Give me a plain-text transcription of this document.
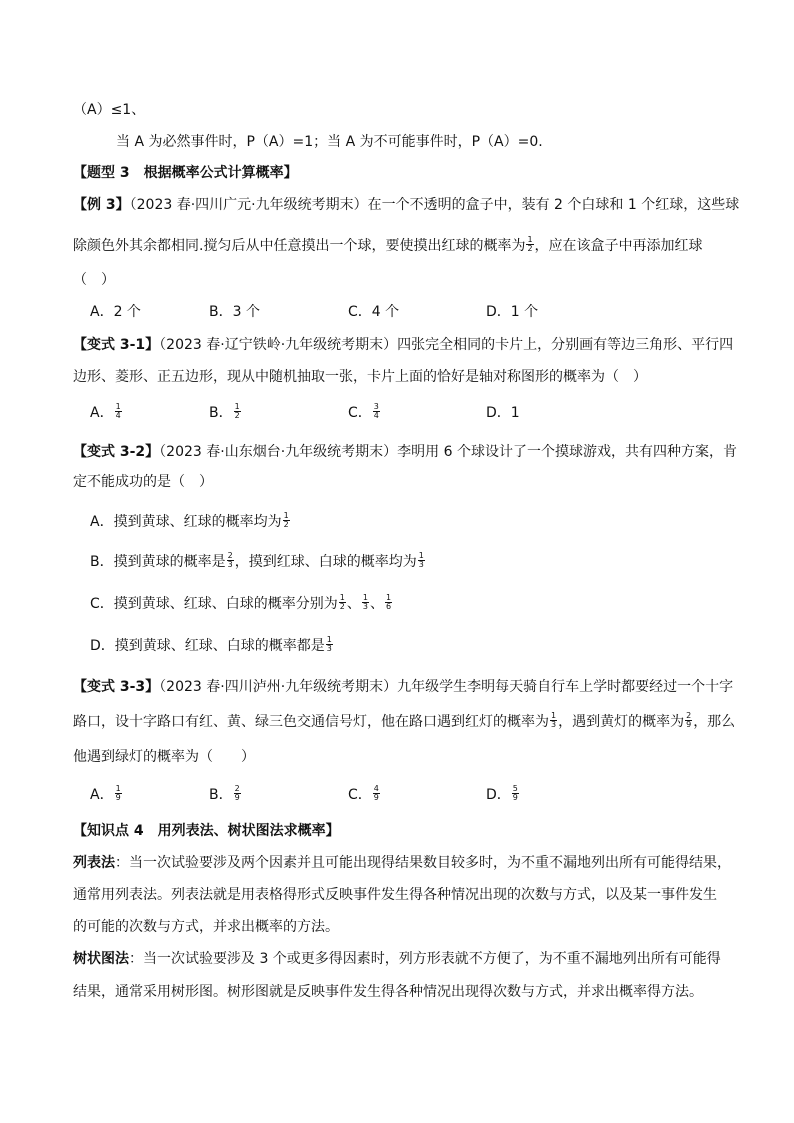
（A）≤1、
当 A 为必然事件时，P（A）=1；当 A 为不可能事件时，P（A）=0.
【题型 3　根据概率公式计算概率】
【例 3】（2023 春·四川广元·九年级统考期末）在一个不透明的盒子中，装有 2 个白球和 1 个红球，这些球
除颜色外其余都相同.搅匀后从中任意摸出一个球，要使摸出红球的概率为 $\frac{1}{2}$ ，应在该盒子中再添加红球
（　）
A．2 个	B．3 个	C．4 个	D．1 个
【变式 3-1】（2023 春·辽宁铁岭·九年级统考期末）四张完全相同的卡片上，分别画有等边三角形、平行四
边形、菱形、正五边形，现从中随机抽取一张，卡片上面的恰好是轴对称图形的概率为（　）
A． $\frac{1}{4}$	B． $\frac{1}{2}$	C． $\frac{3}{4}$	D．1
【变式 3-2】（2023 春·山东烟台·九年级统考期末）李明用 6 个球设计了一个摸球游戏，共有四种方案，肯
定不能成功的是（　）
A．摸到黄球、红球的概率均为 $\frac{1}{2}$
B．摸到黄球的概率是 $\frac{2}{3}$ ，摸到红球、白球的概率均为 $\frac{1}{3}$
C．摸到黄球、红球、白球的概率分别为 $\frac{1}{2}$ 、 $\frac{1}{3}$ 、 $\frac{1}{6}$
D．摸到黄球、红球、白球的概率都是 $\frac{1}{3}$
【变式 3-3】（2023 春·四川泸州·九年级统考期末）九年级学生李明每天骑自行车上学时都要经过一个十字
路口，设十字路口有红、黄、绿三色交通信号灯，他在路口遇到红灯的概率为 $\frac{1}{3}$ ，遇到黄灯的概率为 $\frac{2}{9}$ ，那么
他遇到绿灯的概率为（　　）
A． $\frac{1}{9}$	B． $\frac{2}{9}$	C． $\frac{4}{9}$	D． $\frac{5}{9}$
【知识点 4　用列表法、树状图法求概率】
列表法：当一次试验要涉及两个因素并且可能出现得结果数目较多时，为不重不漏地列出所有可能得结果，
通常用列表法。列表法就是用表格得形式反映事件发生得各种情况出现的次数与方式，以及某一事件发生
的可能的次数与方式，并求出概率的方法。
树状图法：当一次试验要涉及 3 个或更多得因素时，列方形表就不方便了，为不重不漏地列出所有可能得
结果，通常采用树形图。树形图就是反映事件发生得各种情况出现得次数与方式，并求出概率得方法。
